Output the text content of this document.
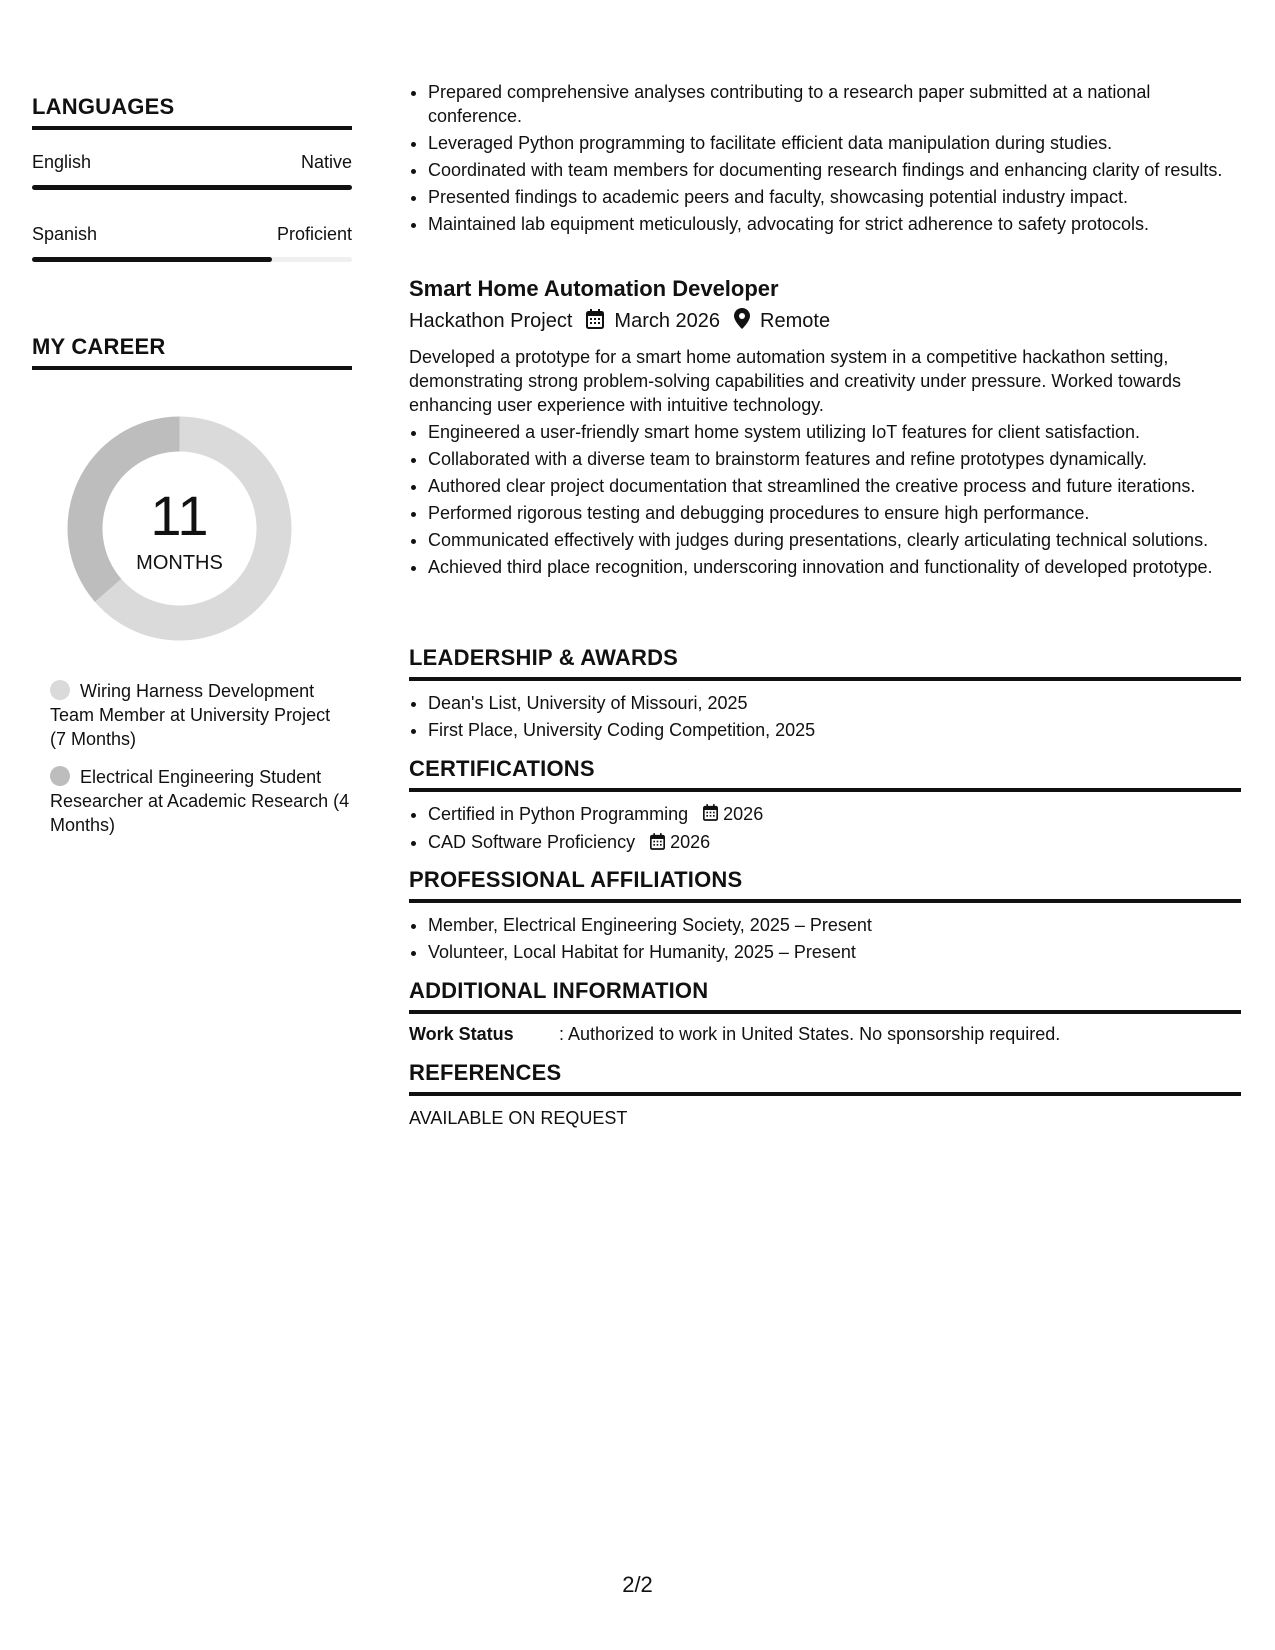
LANGUAGES
English	Native
Spanish	Proficient
MY CAREER
11
MONTHS
Wiring Harness Development Team Member at University Project (7 Months)
Electrical Engineering Student Researcher at Academic Research (4 Months)
• Prepared comprehensive analyses contributing to a research paper submitted at a national conference.
• Leveraged Python programming to facilitate efficient data manipulation during studies.
• Coordinated with team members for documenting research findings and enhancing clarity of results.
• Presented findings to academic peers and faculty, showcasing potential industry impact.
• Maintained lab equipment meticulously, advocating for strict adherence to safety protocols.
Smart Home Automation Developer
Hackathon Project March 2026 Remote
Developed a prototype for a smart home automation system in a competitive hackathon setting, demonstrating strong problem-solving capabilities and creativity under pressure. Worked towards enhancing user experience with intuitive technology.
• Engineered a user-friendly smart home system utilizing IoT features for client satisfaction.
• Collaborated with a diverse team to brainstorm features and refine prototypes dynamically.
• Authored clear project documentation that streamlined the creative process and future iterations.
• Performed rigorous testing and debugging procedures to ensure high performance.
• Communicated effectively with judges during presentations, clearly articulating technical solutions.
• Achieved third place recognition, underscoring innovation and functionality of developed prototype.
LEADERSHIP & AWARDS
• Dean's List, University of Missouri, 2025
• First Place, University Coding Competition, 2025
CERTIFICATIONS
• Certified in Python Programming 2026
• CAD Software Proficiency 2026
PROFESSIONAL AFFILIATIONS
• Member, Electrical Engineering Society, 2025 – Present
• Volunteer, Local Habitat for Humanity, 2025 – Present
ADDITIONAL INFORMATION
Work Status	: Authorized to work in United States. No sponsorship required.
REFERENCES
AVAILABLE ON REQUEST
2/2
